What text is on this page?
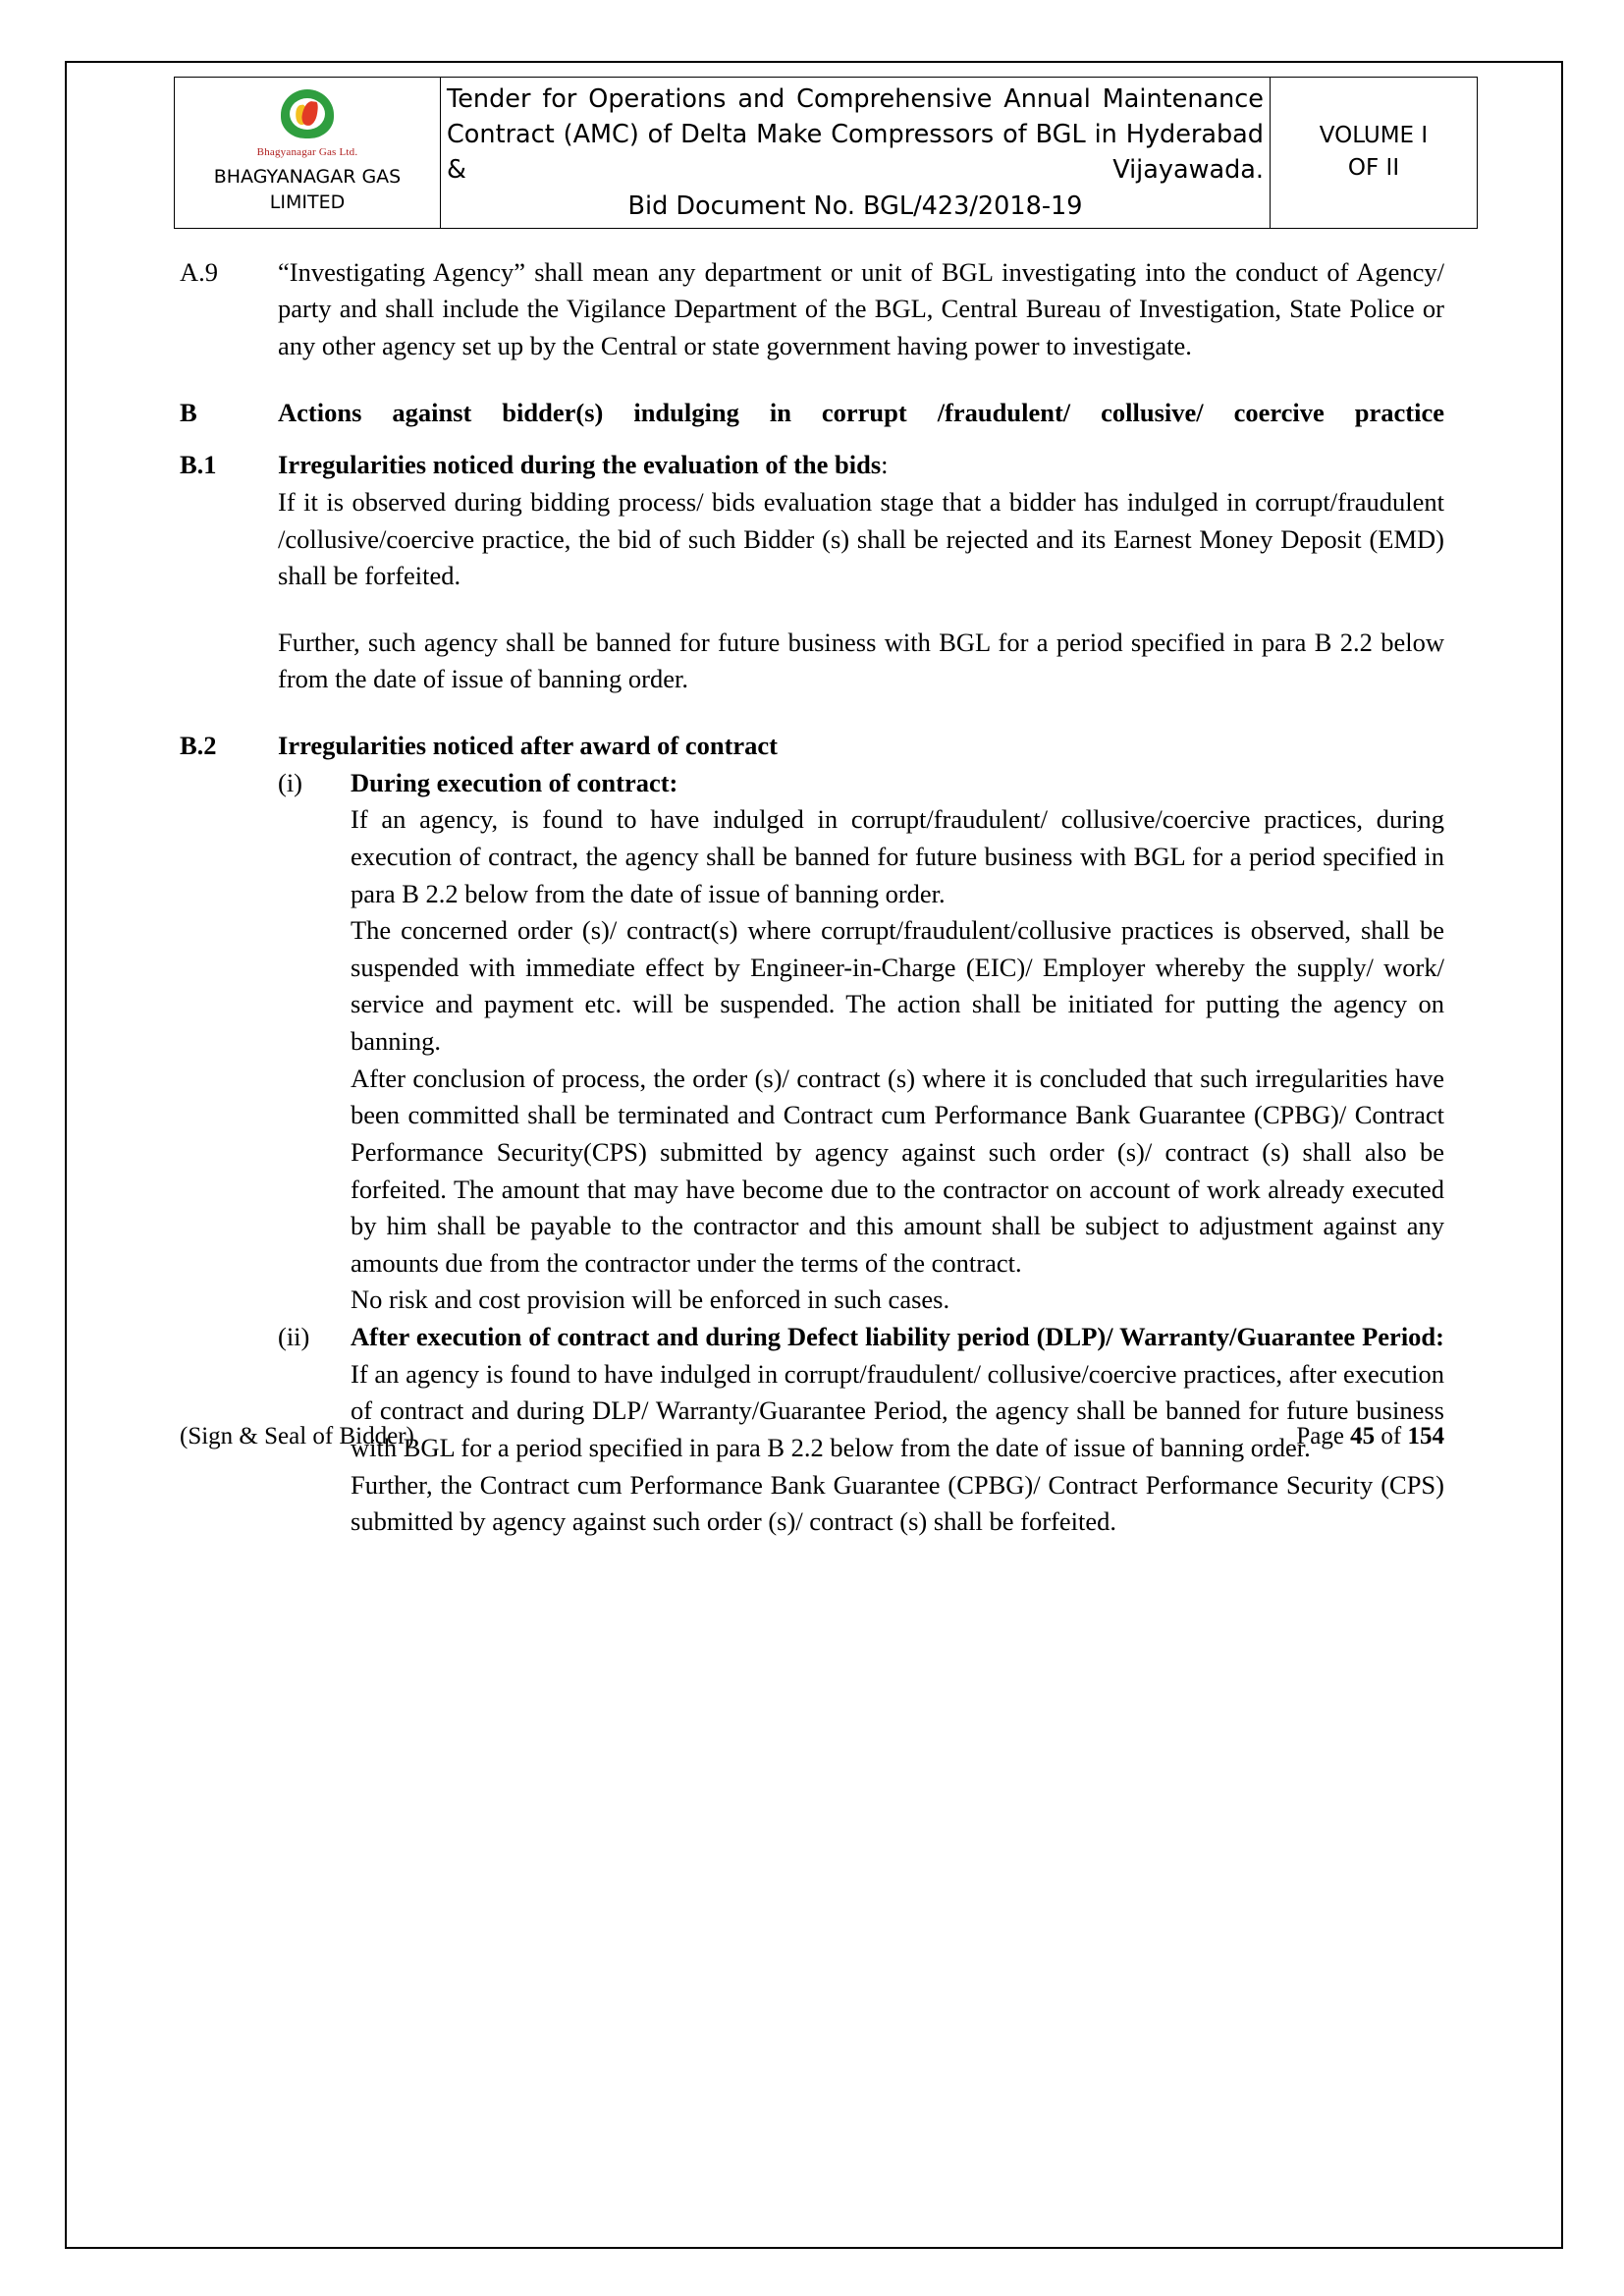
Bhagyanagar Gas Ltd.
BHAGYANAGAR GAS
LIMITED

Tender for Operations and Comprehensive Annual Maintenance Contract (AMC) of Delta Make Compressors of BGL in Hyderabad & Vijayawada.
Bid Document No. BGL/423/2018-19

VOLUME I
OF II
A.9	“Investigating Agency” shall mean any department or unit of BGL investigating into the conduct of Agency/ party and shall include the Vigilance Department of the BGL, Central Bureau of Investigation, State Police or any other agency set up by the Central or state government having power to investigate.
B	Actions against bidder(s) indulging in corrupt /fraudulent/ collusive/ coercive practice
B.1	Irregularities noticed during the evaluation of the bids:

If it is observed during bidding process/ bids evaluation stage that a bidder has indulged in corrupt/fraudulent /collusive/coercive practice, the bid of such Bidder (s) shall be rejected and its Earnest Money Deposit (EMD) shall be forfeited.

Further, such agency shall be banned for future business with BGL for a period specified in para B 2.2 below from the date of issue of banning order.

B.2	Irregularities noticed after award of contract
(i)	During execution of contract:

If an agency, is found to have indulged in corrupt/fraudulent/ collusive/coercive practices, during execution of contract, the agency shall be banned for future business with BGL for a period specified in para B 2.2 below from the date of issue of banning order.

The concerned order (s)/ contract(s) where corrupt/fraudulent/collusive practices is observed, shall be suspended with immediate effect by Engineer-in-Charge (EIC)/ Employer whereby the supply/ work/ service and payment etc. will be suspended. The action shall be initiated for putting the agency on banning.

After conclusion of process, the order (s)/ contract (s) where it is concluded that such irregularities have been committed shall be terminated and Contract cum Performance Bank Guarantee (CPBG)/ Contract Performance Security(CPS) submitted by agency against such order (s)/ contract (s) shall also be forfeited. The amount that may have become due to the contractor on account of work already executed by him shall be payable to the contractor and this amount shall be subject to adjustment against any amounts due from the contractor under the terms of the contract.

No risk and cost provision will be enforced in such cases.

(ii)	After execution of contract and during Defect liability period (DLP)/ Warranty/Guarantee Period:

If an agency is found to have indulged in corrupt/fraudulent/ collusive/coercive practices, after execution of contract and during DLP/ Warranty/Guarantee Period, the agency shall be banned for future business with BGL for a period specified in para B 2.2 below from the date of issue of banning order.

Further, the Contract cum Performance Bank Guarantee (CPBG)/ Contract Performance Security (CPS) submitted by agency against such order (s)/ contract (s) shall be forfeited.

(Sign & Seal of Bidder)	Page 45 of 154
